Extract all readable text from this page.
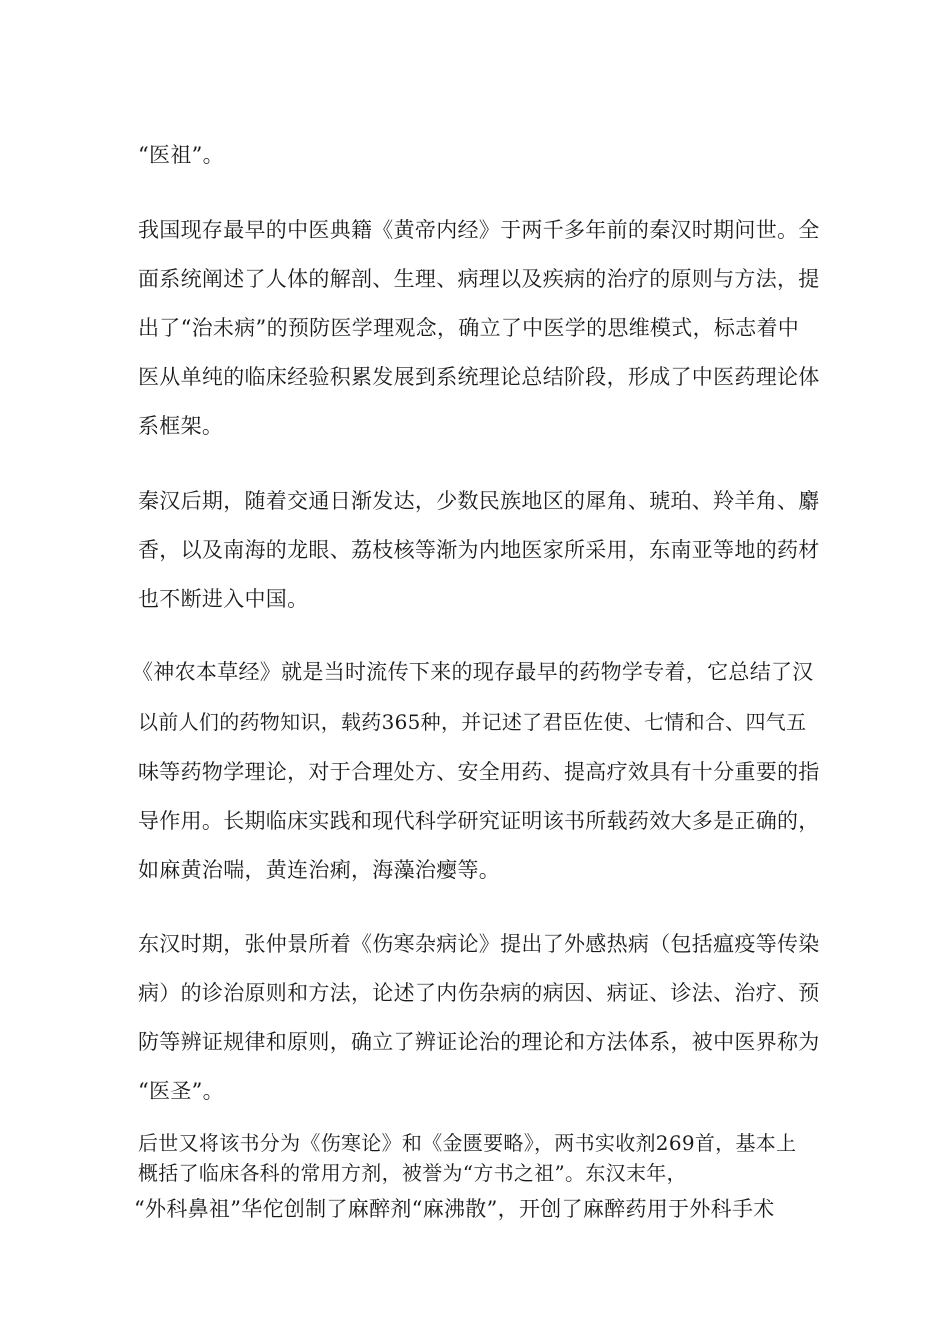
“医祖”。
我国现存最早的中医典籍《黄帝内经》于两千多年前的秦汉时期问世。全
面系统阐述了人体的解剖、生理、病理以及疾病的治疗的原则与方法，提
出了“治未病”的预防医学理观念，确立了中医学的思维模式，标志着中
医从单纯的临床经验积累发展到系统理论总结阶段，形成了中医药理论体
系框架。
秦汉后期，随着交通日渐发达，少数民族地区的犀角、琥珀、羚羊角、麝
香，以及南海的龙眼、荔枝核等渐为内地医家所采用，东南亚等地的药材
也不断进入中国。
《神农本草经》就是当时流传下来的现存最早的药物学专着，它总结了汉
以前人们的药物知识，载药365种，并记述了君臣佐使、七情和合、四气五
味等药物学理论，对于合理处方、安全用药、提高疗效具有十分重要的指
导作用。长期临床实践和现代科学研究证明该书所载药效大多是正确的，
如麻黄治喘，黄连治痢，海藻治瘿等。
东汉时期，张仲景所着《伤寒杂病论》提出了外感热病（包括瘟疫等传染
病）的诊治原则和方法，论述了内伤杂病的病因、病证、诊法、治疗、预
防等辨证规律和原则，确立了辨证论治的理论和方法体系，被中医界称为
“医圣”。
后世又将该书分为《伤寒论》和《金匮要略》，两书实收剂269首，基本上
概括了临床各科的常用方剂，被誉为“方书之祖”。东汉末年，
“外科鼻祖”华佗创制了麻醉剂“麻沸散”，开创了麻醉药用于外科手术
